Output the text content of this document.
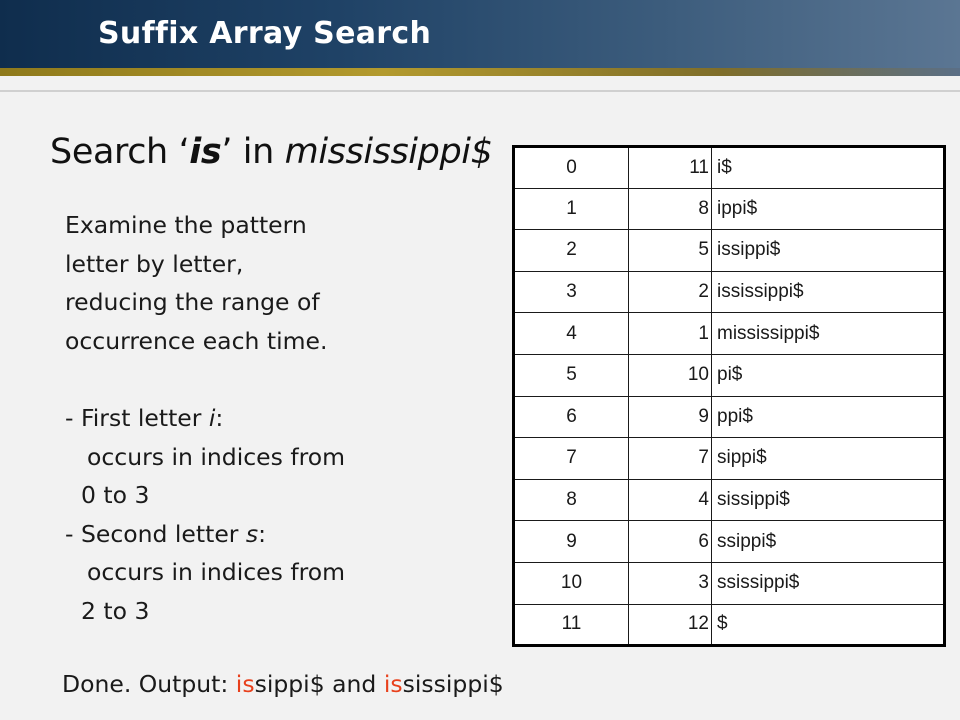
Suffix Array Search
Search ‘is’ in mississippi$
Examine the pattern
letter by letter,
reducing the range of
occurrence each time.

- First letter i:
occurs in indices from
0 to 3
- Second letter s:
occurs in indices from
2 to 3
0	11	i$
1	8	ippi$
2	5	issippi$
3	2	ississippi$
4	1	mississippi$
5	10	pi$
6	9	ppi$
7	7	sippi$
8	4	sissippi$
9	6	ssippi$
10	3	ssissippi$
11	12	$
Done. Output: issippi$ and ississippi$
